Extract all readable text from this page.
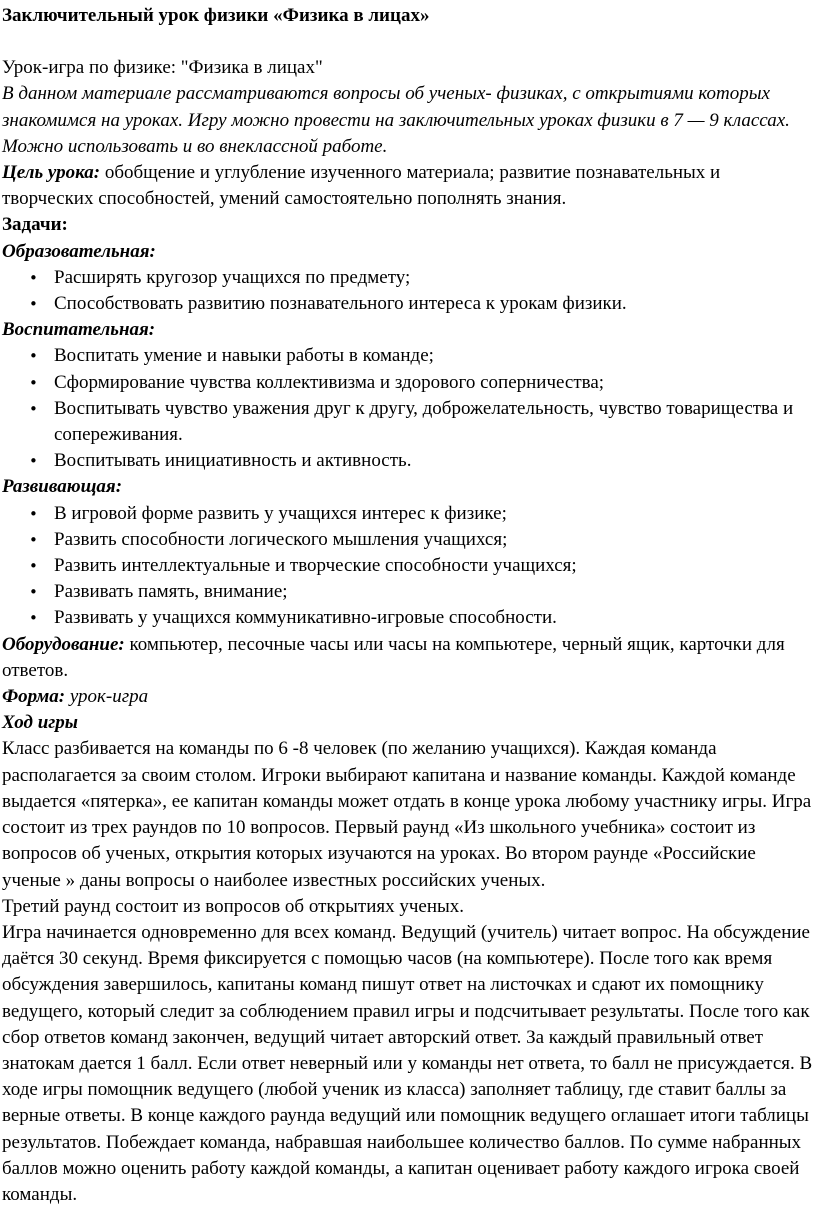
Заключительный урок физики «Физика в лицах»

Урок-игра по физике: "Физика в лицах"

В данном материале рассматриваются вопросы об ученых- физиках, с открытиями которых знакомимся на уроках. Игру можно провести на заключительных уроках физики в 7 — 9 классах. Можно использовать и во внеклассной работе.

Цель урока: обобщение и углубление изученного материала; развитие познавательных и творческих способностей, умений самостоятельно пополнять знания.

Задачи:

Образовательная:

• Расширять кругозор учащихся по предмету;
• Способствовать развитию познавательного интереса к урокам физики.

Воспитательная:

• Воспитать умение и навыки работы в команде;
• Сформирование чувства коллективизма и здорового соперничества;
• Воспитывать чувство уважения друг к другу, доброжелательность, чувство товарищества и сопереживания.
• Воспитывать инициативность и активность.

Развивающая:

• В игровой форме развить у учащихся интерес к физике;
• Развить способности логического мышления учащихся;
• Развить интеллектуальные и творческие способности учащихся;
• Развивать память, внимание;
• Развивать у учащихся коммуникативно-игровые способности.

Оборудование: компьютер, песочные часы или часы на компьютере, черный ящик, карточки для ответов.

Форма: урок-игра

Ход игры

Класс разбивается на команды по 6 -8 человек (по желанию учащихся). Каждая команда располагается за своим столом. Игроки выбирают капитана и название команды. Каждой команде выдается «пятерка», ее капитан команды может отдать в конце урока любому участнику игры. Игра состоит из трех раундов по 10 вопросов. Первый раунд «Из школьного учебника» состоит из вопросов об ученых, открытия которых изучаются на уроках. Во втором раунде «Российские ученые » даны вопросы о наиболее известных российских ученых.

Третий раунд состоит из вопросов об открытиях ученых.

Игра начинается одновременно для всех команд. Ведущий (учитель) читает вопрос. На обсуждение даётся 30 секунд. Время фиксируется с помощью часов (на компьютере). После того как время обсуждения завершилось, капитаны команд пишут ответ на листочках и сдают их помощнику ведущего, который следит за соблюдением правил игры и подсчитывает результаты. После того как сбор ответов команд закончен, ведущий читает авторский ответ. За каждый правильный ответ знатокам дается 1 балл. Если ответ неверный или у команды нет ответа, то балл не присуждается. В ходе игры помощник ведущего (любой ученик из класса) заполняет таблицу, где ставит баллы за верные ответы. В конце каждого раунда ведущий или помощник ведущего оглашает итоги таблицы результатов. Побеждает команда, набравшая наибольшее количество баллов. По сумме набранных баллов можно оценить работу каждой команды, а капитан оценивает работу каждого игрока своей команды.
